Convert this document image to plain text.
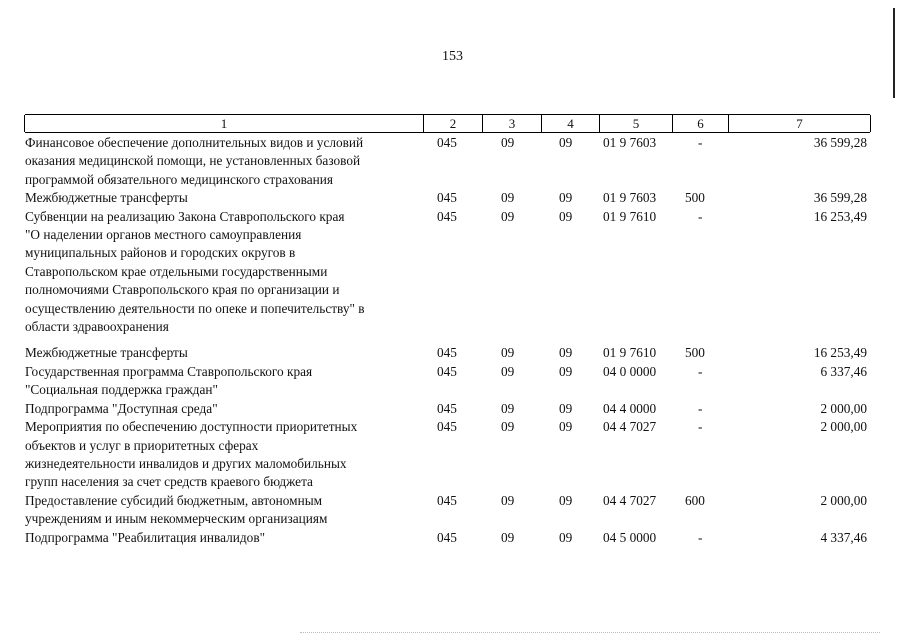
153
1	2	3	4	5	6	7
Финансовое обеспечение дополнительных видов и условий
оказания медицинской помощи, не установленных базовой
программой обязательного медицинского страхования
045	09	09	01 9 7603	-	36 599,28
Межбюджетные трансферты	045	09	09	01 9 7603	500	36 599,28
Субвенции на реализацию Закона Ставропольского края
"О наделении органов местного самоуправления
муниципальных районов и городских округов в
Ставропольском крае отдельными государственными
полномочиями Ставропольского края по организации и
осуществлению деятельности по опеке и попечительству" в
области здравоохранения
045	09	09	01 9 7610	-	16 253,49
Межбюджетные трансферты	045	09	09	01 9 7610	500	16 253,49
Государственная программа Ставропольского края
"Социальная поддержка граждан"
045	09	09	04 0 0000	-	6 337,46
Подпрограмма "Доступная среда"	045	09	09	04 4 0000	-	2 000,00
Мероприятия по обеспечению доступности приоритетных
объектов и услуг в приоритетных сферах
жизнедеятельности инвалидов и других маломобильных
групп населения за счет средств краевого бюджета
045	09	09	04 4 7027	-	2 000,00
Предоставление субсидий бюджетным, автономным
учреждениям и иным некоммерческим организациям
045	09	09	04 4 7027	600	2 000,00
Подпрограмма "Реабилитация инвалидов"	045	09	09	04 5 0000	-	4 337,46
